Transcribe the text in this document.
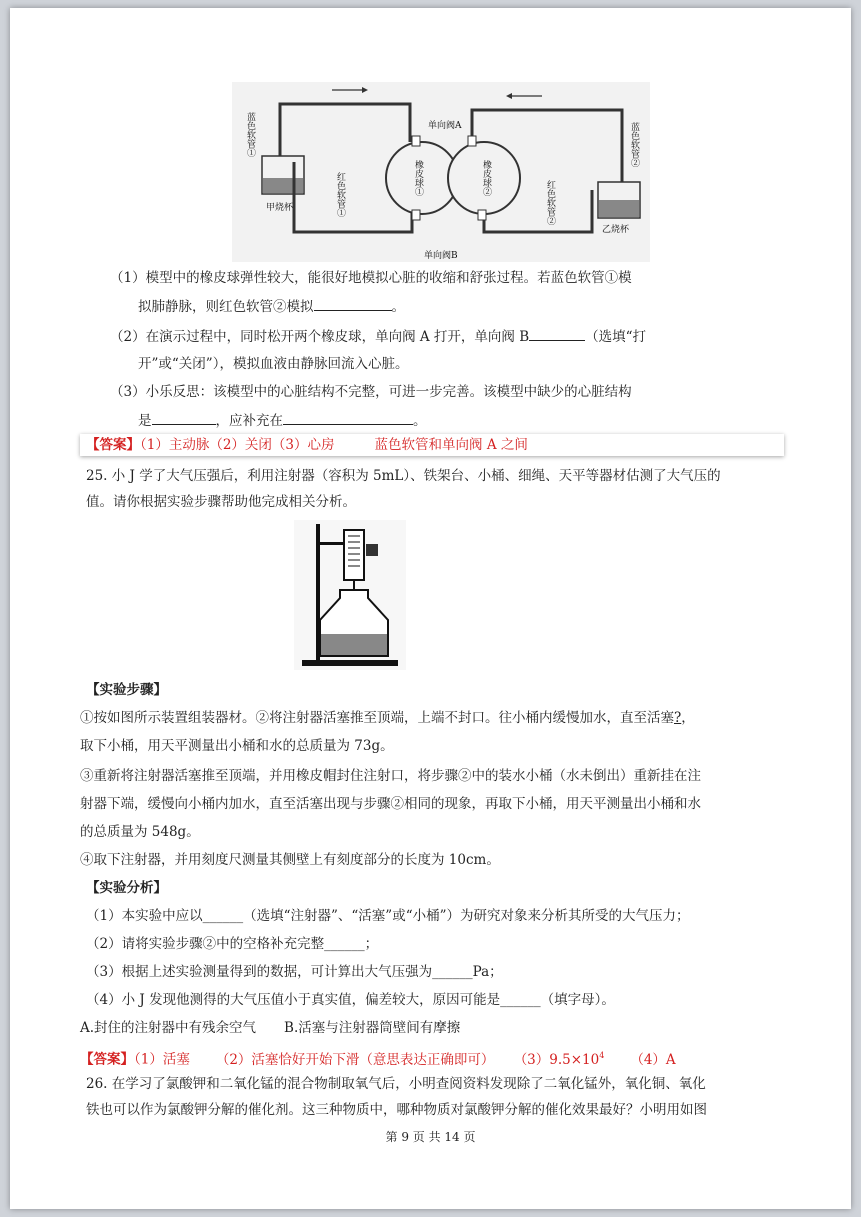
蓝色软管①	蓝色软管②
红色软管①	红色软管②
单向阀A
单向阀B
橡皮球①	橡皮球②
甲烧杯
乙烧杯
（1）模型中的橡皮球弹性较大，能很好地模拟心脏的收缩和舒张过程。若蓝色软管①模
拟肺静脉，则红色软管②模拟	。
（2）在演示过程中，同时松开两个橡皮球，单向阀 A 打开，单向阀 B	（选填“打
开”或“关闭”），模拟血液由静脉回流入心脏。
（3）小乐反思：该模型中的心脏结构不完整，可进一步完善。该模型中缺少的心脏结构
是	，应补充在	。
【答案】（1）主动脉（2）关闭（3）心房	蓝色软管和单向阀 A 之间
25. 小 J 学了大气压强后，利用注射器（容积为 5mL）、铁架台、小桶、细绳、天平等器材估测了大气压的
值。请你根据实验步骤帮助他完成相关分析。
【实验步骤】
①按如图所示装置组装器材。②将注射器活塞推至顶端，上端不封口。往小桶内缓慢加水，直至活塞?，
取下小桶，用天平测量出小桶和水的总质量为 73g。
③重新将注射器活塞推至顶端，并用橡皮帽封住注射口，将步骤②中的装水小桶（水未倒出）重新挂在注
射器下端，缓慢向小桶内加水，直至活塞出现与步骤②相同的现象，再取下小桶，用天平测量出小桶和水
的总质量为 548g。
④取下注射器，并用刻度尺测量其侧壁上有刻度部分的长度为 10cm。
【实验分析】
（1）本实验中应以______（选填“注射器”、“活塞”或“小桶”）为研究对象来分析其所受的大气压力；
（2）请将实验步骤②中的空格补充完整______；
（3）根据上述实验测量得到的数据，可计算出大气压强为______Pa；
（4）小 J 发现他测得的大气压值小于真实值，偏差较大，原因可能是______（填字母）。
A.封住的注射器中有残余空气 B.活塞与注射器筒壁间有摩擦
【答案】（1）活塞 （2）活塞恰好开始下滑（意思表达正确即可） $(3)9.5\times 10^4$ （4）A
26. 在学习了氯酸钾和二氧化锰的混合物制取氧气后，小明查阅资料发现除了二氧化锰外，氧化铜、氧化
铁也可以作为氯酸钾分解的催化剂。这三种物质中，哪种物质对氯酸钾分解的催化效果最好？小明用如图
第 9 页 共 14 页
